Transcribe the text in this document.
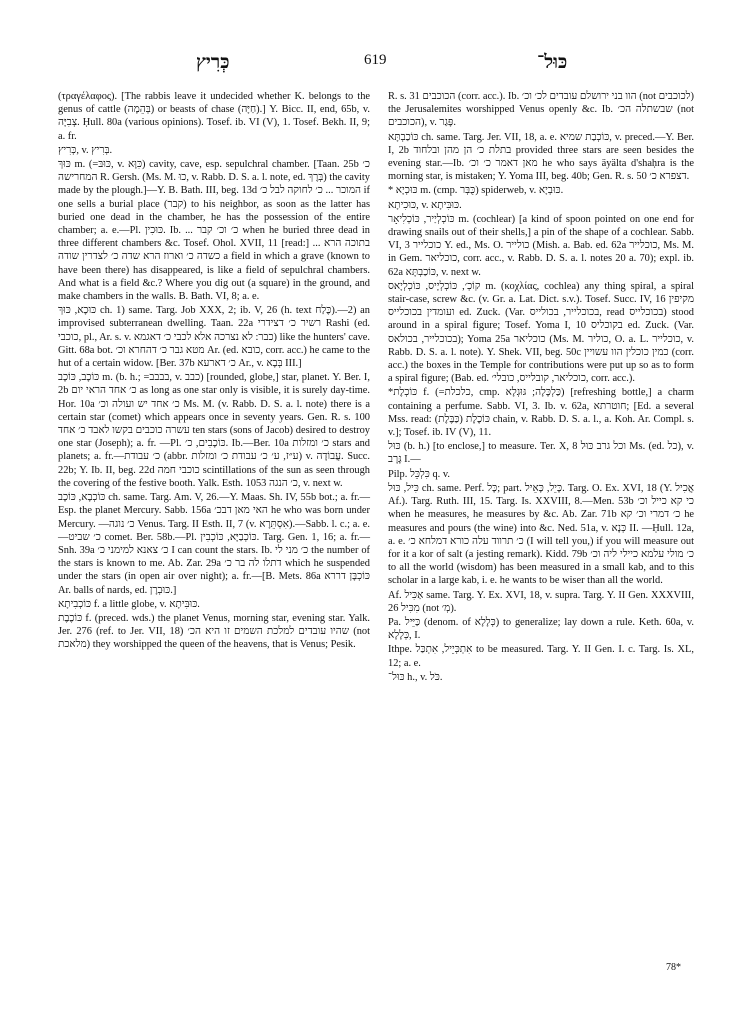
כְּרִיץ	619	כּוּל־

(τραγέλαφος). [The rabbis leave it undecided whether K. belongs to the genus of cattle (בְּהֵמָה) or beasts of chase (חַיָּה).] Y. Bicc. II, end, 65b, v. צְבִיָּה. Ḥull. 80a (various opinions). Tosef. ib. VI (V), 1. Tosef. Bekh. II, 9; a. fr.

כְּרִיץ, v. בְּרִיץ.

כּוּךְ m. (=כּוּבּ, v. כִּוָּא) cavity, cave, esp. sepulchral chamber. [Taan. 25b כ׳ המחרישה R. Gersh. (Ms. M. כוּ, v. Rabb. D. S. a. l. note, ed. בְּרֶךְ) the cavity made by the plough.]—Y. B. Bath. III, beg. 13d המוכר ... כ׳ לחוקה לבל כ׳ if one sells a burial place (קבר) to his neighbor, as soon as the latter has buried one dead in the chamber, he has the possession of the entire chamber; a. e.—Pl. כּוּכִין. Ib. ... כ׳ וכ׳ קבר when he buried three dead in three different chambers &c. Tosef. Ohol. XVII, 11 [read:] ... בתוכה הרא כשדה כ׳ וארוז הרא שדה כ׳ לצדרין שודה a field in which a grave (known to have been there) has disappeared, is like a field of sepulchral chambers. And what is a field &c.? Where you dig out (a square) in the ground, and make chambers in the walls. B. Bath. VI, 8; a. e.

כּוּכָא, כּוּךְ ch. 1) same. Targ. Job XXX, 2; ib. V, 26 (h. text כֶּלַח).—2) an improvised subterranean dwelling. Taan. 22a רשיר כ׳ דצידרי Rashi (ed. כוכבי, pl., Ar. s. v. כבר: לא נצרכה אלא לכבי כ׳ דאגמא) like the hunters' cave. Gitt. 68a bot. מטא גבר כ׳ דהחרא וכ׳ Ar. (ed. כובא, corr. acc.) he came to the hut of a certain widow. [Ber. 37b כ׳ דארעא Ar., v. בְּבָא III.]

כּוֹכָב, כּוֹכָב m. (b. h.; =בבבב, v. כבב) [rounded, globe,] star, planet. Y. Ber. I, 2b כ׳ אחד הראי יום as long as one star only is visible, it is surely day-time. Hor. 10a כ׳ אחד יש ועולה וכ׳ Ms. M. (v. Rabb. D. S. a. l. note) there is a certain star (comet) which appears once in seventy years. Gen. R. s. 100 עשרה כוכבים בקשו לאבד כ׳ אחד ten stars (sons of Jacob) desired to destroy one star (Joseph); a. fr. —Pl. כּוֹכָבִים, כ׳. Ib.—Ber. 10a כ׳ ומזלות stars and planets; a. fr.—כ׳ עבודת (abbr. ע״ז, ע׳ כ׳ עבודת כ׳ ומזלות) v. עֲבוֹדָה. Succ. 22b; Y. Ib. II, beg. 22d כוכבי חמה scintillations of the sun as seen through the covering of the festive booth. Yalk. Esth. 1053 כ׳ הנגה, v. next w.

כּוֹכְבָא, כּוֹכָב ch. same. Targ. Am. V, 26.—Y. Maas. Sh. IV, 55b bot.; a. fr.—Esp. the planet Mercury. Sabb. 156a האי מאן דבכ׳ he who was born under Mercury. —כ׳ נוגה Venus. Targ. II Esth. II, 7 (v. אִסְתֵּרָא).—Sabb. l. c.; a. e.—כ׳ שביט comet. Ber. 58b.—Pl. כּוֹכְבַיָּא, כּוֹכְבִין. Targ. Gen. 1, 16; a. fr.—Snh. 39a כ׳ צאנא למימני כ׳ I can count the stars. Ib. כ׳ מני לי the number of the stars is known to me. Ab. Zar. 29a דתלו לה בר כ׳ which he suspended under the stars (in open air over night); a. fr.—[B. Mets. 86a כּוֹכְבָּן דררא Ar. balls of nards, ed. כּוּבְרָן.]

כּוֹכְבִיתָא f. a little globe, v. כּוּבִּיתָא.

כּוֹכֶבֶת f. (preced. wds.) the planet Venus, morning star, evening star. Yalk. Jer. 276 (ref. to Jer. VII, 18) שהיו עובדים למלכת השמים זו היא הכ׳ (not מלאכת) they worshipped the queen of the heavens, that is Venus; Pesik.

R. s. 31 הכוכבים (corr. acc.). Ib. הוו בני ירושלם עובדים לכ׳ וכ׳ (not לכוכבים) the Jerusalemites worshipped Venus openly &c. Ib. שבשתלה הכ׳ (not הכוכבים), v. פָּגַר.

כּוֹכַבְתָּא ch. same. Targ. Jer. VII, 18, a. e. כּוֹכְבַת שמיא, v. preced.—Y. Ber. I, 2b בתלת כ׳ הן מהן ובלחוד provided three stars are seen besides the evening star.—Ib. מאן דאמר כ׳ וכ׳ he who says äyälta d'shaḥra is the morning star, is mistaken; Y. Yoma III, beg. 40b; Gen. R. s. 50 דצפרא כ׳.

* כּוּכְיָא m. (cmp. כֻּבְּר) spiderweb, v. כּוּבְיָא.

כּוּכִיתָא, v. כּוּבִּיתָא.

כּוֹכְלְיַיר, כּוֹכְלִיאָר m. (cochlear) [a kind of spoon pointed on one end for drawing snails out of their shells,] a pin of the shape of a cochlear. Sabb. VI, 3 כוכלייר Y. ed., Ms. O. כולייר (Mish. a. Bab. ed. 62a כוכלייר, Ms. M. in Gem. כוכליאר, corr. acc., v. Rabb. D. S. a. l. notes 20 a. 70); expl. ib. 62a כּוֹכַבְתָּא, v. next w.

קוֹכְ׳, כּוֹכְלְיָיס, כּוֹכְלְיָאס m. (κοχλίας, cochlea) any thing spiral, a spiral stair-case, screw &c. (v. Gr. a. Lat. Dict. s.v.). Tosef. Succ. IV, 16 מקיפין ועומדין בכוכלייס ed. Zuck. (Var. בכוכלייר, בכולייס, read בכוכלייס) stood around in a spiral figure; Tosef. Yoma I, 10 בקוכליס ed. Zuck. (Var. בכוכלייר, בכולאס); Yoma 25a כוכליאר (Ms. M. כוליר, O. a. L. כוכלייר, v. Rabb. D. S. a. l. note). Y. Shek. VII, beg. 50c כמין כוכלין הוו עשויין (corr. acc.) the boxes in the Temple for contributions were put up so as to form a spiral figure; (Bab. ed. כוכליאר, קובלייס, כובלי׳, corr. acc.).

*כּוֹכְלֶת f. (=כלכלת, cmp. כַּלְכָּלָה; גּוּגְלָא) [refreshing bottle,] a charm containing a perfume. Sabb. VI, 3. Ib. v. 62a, חוטרתא; [Ed. a several Mss. read: כּוֹכֶלֶת (כַּבֶּלֶת) chain, v. Rabb. D. S. a. l., a. Koh. Ar. Compl. s. v.]; Tosef. ib. IV (V), 11.

כּוּל (b. h.) [to enclose,] to measure. Ter. X, 8 וכל גרב כּוּל Ms. (ed. כל), v. גָּרָב I.—

Pilp. כִּלְכֵּל q. v.

כִּיל, כּוּל ch. same. Perf. כָּל; part. כָּיֵל, כָּאֵיל. Targ. O. Ex. XVI, 18 (Y. אֲכִיל Af.). Targ. Ruth. III, 15. Targ. Is. XXVIII, 8.—Men. 53b כי קא כייל וכ׳ when he measures, he measures by &c. Ab. Zar. 71b כ׳ דמרי וכ׳ קא he measures and pours (the wine) into &c. Ned. 51a, v. כְּנָא II. —Ḥull. 12a, a. e. כ׳ תרווד עלה כורא דמלחא כ׳ (I will tell you,) if you will measure out for it a kor of salt (a jesting remark). Kidd. 79b כ׳ מולי עלמא כיילי ליה וכ׳ to all the world (wisdom) has been measured in a small kab, and to this scholar in a large kab, i. e. he wants to be wiser than all the world.

Af. אַכִּיל same. Targ. Y. Ex. XVI, 18, v. supra. Targ. Y. II Gen. XXXVIII, 26 מִכִּיל (not מְ׳).

Pa. כַּיֵּיל (denom. of כְּלָלָא) to generalize; lay down a rule. Keth. 60a, v. כְּלָלָא, I.

Ithpe. אִתְכְּיֵיל, אִתְכַּל to be measured. Targ. Y. II Gen. I. c. Targ. Is. XL, 12; a. e.

כּוּל־ h., v. כֹּל.

78*
